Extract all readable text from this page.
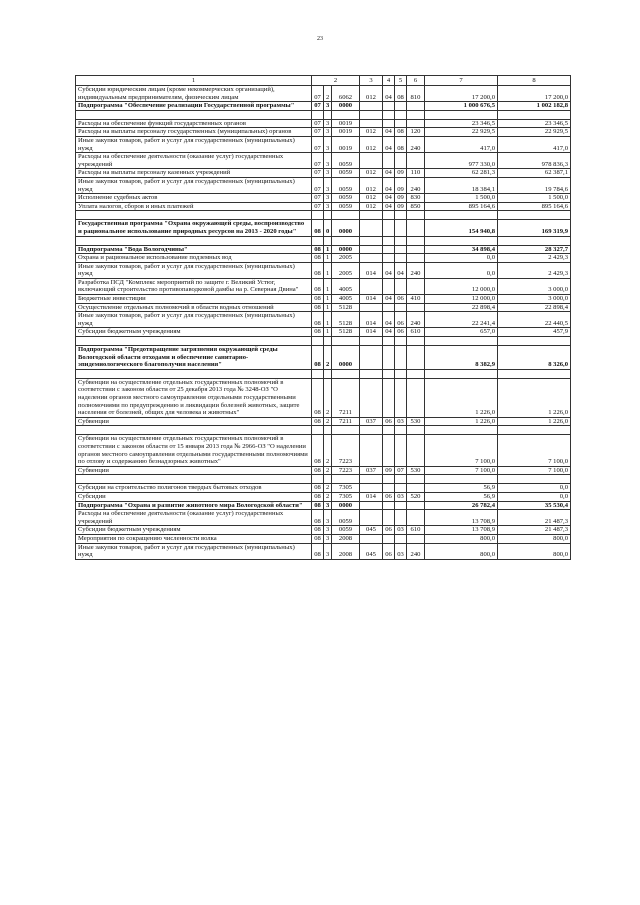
23
1	2			3	4	5	6	7	8
Субсидии юридическим лицам (кроме некоммерческих организаций), индивидуальным предпринимателям, физическим лицам	07	2	6062	012	04	08	810	17 200,0	17 200,0
Подпрограмма "Обеспечение реализации Государственной программы"	07	3	0000					1 000 676,5	1 002 182,8

Расходы на обеспечение функций государственных органов	07	3	0019					23 346,5	23 346,5
Расходы на выплаты персоналу государственных (муниципальных) органов	07	3	0019	012	04	08	120	22 929,5	22 929,5
Иные закупки товаров, работ и услуг для государственных (муниципальных) нужд	07	3	0019	012	04	08	240	417,0	417,0
Расходы на обеспечение деятельности (оказание услуг) государственных учреждений	07	3	0059					977 330,0	978 836,3
Расходы на выплаты персоналу казенных учреждений	07	3	0059	012	04	09	110	62 281,3	62 387,1
Иные закупки товаров, работ и услуг для государственных (муниципальных) нужд	07	3	0059	012	04	09	240	18 384,1	19 784,6
Исполнение судебных актов	07	3	0059	012	04	09	830	1 500,0	1 500,0
Уплата налогов, сборов и иных платежей	07	3	0059	012	04	09	850	895 164,6	895 164,6

Государственная программа "Охрана окружающей среды, воспроизводство и рациональное использование природных ресурсов на 2013 - 2020 годы"	08	0	0000					154 940,8	169 319,9

Подпрограмма "Вода Вологодчины"	08	1	0000					34 898,4	28 327,7
Охрана и рациональное использование подземных вод	08	1	2005					0,0	2 429,3
Иные закупки товаров, работ и услуг для государственных (муниципальных) нужд	08	1	2005	014	04	04	240	0,0	2 429,3
Разработка ПСД "Комплекс мероприятий по защите г. Великий Устюг, включающий строительство противопаводковой дамбы на р. Северная Двина"	08	1	4005					12 000,0	3 000,0
Бюджетные инвестиции	08	1	4005	014	04	06	410	12 000,0	3 000,0
Осуществление отдельных полномочий в области водных отношений	08	1	5128					22 898,4	22 898,4
Иные закупки товаров, работ и услуг для государственных (муниципальных) нужд	08	1	5128	014	04	06	240	22 241,4	22 440,5
Субсидии бюджетным учреждениям	08	1	5128	014	04	06	610	657,0	457,9

Подпрограмма "Предотвращение загрязнения окружающей среды Вологодской области отходами и обеспечение санитарно-эпидемиологического благополучия населения"	08	2	0000					8 382,9	8 326,0

Субвенции на осуществление отдельных государственных полномочий в соответствии с законом области от 25 декабря 2013 года № 3248-ОЗ "О наделении органов местного самоуправления отдельными государственными полномочиями по предупреждению и ликвидации болезней животных, защите населения от болезней, общих для человека и животных"	08	2	7211					1 226,0	1 226,0
Субвенции	08	2	7211	037	06	03	530	1 226,0	1 226,0

Субвенции на осуществление отдельных государственных полномочий в соответствии с законом области от 15 января 2013 года № 2966-ОЗ "О наделении органов местного самоуправления отдельными государственными полномочиями по отлову и содержанию безнадзорных животных"	08	2	7223					7 100,0	7 100,0
Субвенции	08	2	7223	037	09	07	530	7 100,0	7 100,0

Субсидии на строительство полигонов твердых бытовых отходов	08	2	7305					56,9	0,0
Субсидии	08	2	7305	014	06	03	520	56,9	0,0
Подпрограмма "Охрана и развитие животного мира Вологодской области"	08	3	0000					26 782,4	35 530,4
Расходы на обеспечение деятельности (оказание услуг) государственных учреждений	08	3	0059					13 708,9	21 487,3
Субсидии бюджетным учреждениям	08	3	0059	045	06	03	610	13 708,9	21 487,3
Мероприятия по сокращению численности волка	08	3	2008					800,0	800,0
Иные закупки товаров, работ и услуг для государственных (муниципальных) нужд	08	3	2008	045	06	03	240	800,0	800,0
